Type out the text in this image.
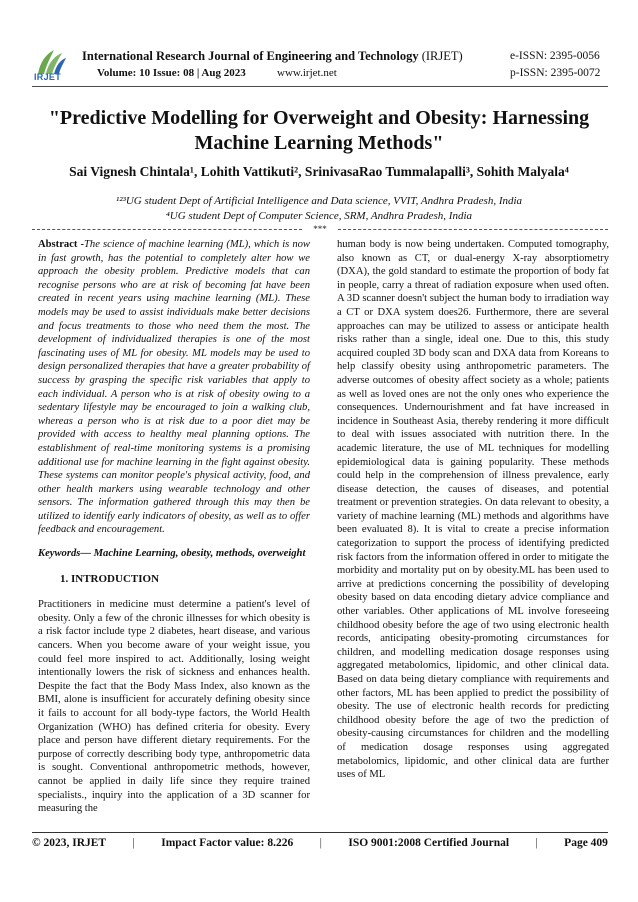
IRJET
International Research Journal of Engineering and Technology (IRJET)	e-ISSN: 2395-0056
Volume: 10 Issue: 08 | Aug 2023	www.irjet.net	p-ISSN: 2395-0072
"Predictive Modelling for Overweight and Obesity: Harnessing Machine Learning Methods"
Sai Vignesh Chintala¹, Lohith Vattikuti², SrinivasaRao Tummalapalli³, Sohith Malyala⁴
¹²³UG student Dept of Artificial Intelligence and Data science, VVIT, Andhra Pradesh, India
⁴UG student Dept of Computer Science, SRM, Andhra Pradesh, India
***

Abstract -The science of machine learning (ML), which is now in fast growth, has the potential to completely alter how we approach the obesity problem. Predictive models that can recognise persons who are at risk of becoming fat have been created in recent years using machine learning (ML). These models may be used to assist individuals make better decisions and focus treatments to those who need them the most. The development of individualized therapies is one of the most fascinating uses of ML for obesity. ML models may be used to design personalized therapies that have a greater probability of success by grasping the specific risk variables that apply to each individual. A person who is at risk of obesity owing to a sedentary lifestyle may be encouraged to join a walking club, whereas a person who is at risk due to a poor diet may be provided with access to healthy meal planning options. The establishment of real-time monitoring systems is a promising additional use for machine learning in the fight against obesity. These systems can monitor people's physical activity, food, and other health markers using wearable technology and other sensors. The information gathered through this may then be utilized to identify early indicators of obesity, as well as to offer feedback and encouragement.

Keywords— Machine Learning, obesity, methods, overweight

1. INTRODUCTION

Practitioners in medicine must determine a patient's level of obesity. Only a few of the chronic illnesses for which obesity is a risk factor include type 2 diabetes, heart disease, and various cancers. When you become aware of your weight issue, you could feel more inspired to act. Additionally, losing weight intentionally lowers the risk of sickness and enhances health. Despite the fact that the Body Mass Index, also known as the BMI, alone is insufficient for accurately defining obesity since it fails to account for all body-type factors, the World Health Organization (WHO) has defined criteria for obesity. Every place and person have different dietary requirements. For the purpose of correctly describing body type, anthropometric data is sought. Conventional anthropometric methods, however, cannot be applied in daily life since they require trained specialists., inquiry into the application of a 3D scanner for measuring the

human body is now being undertaken. Computed tomography, also known as CT, or dual-energy X-ray absorptiometry (DXA), the gold standard to estimate the proportion of body fat in people, carry a threat of radiation exposure when used often. A 3D scanner doesn't subject the human body to irradiation way a CT or DXA system does26. Furthermore, there are several approaches can may be utilized to assess or anticipate health risks rather than a single, ideal one. Due to this, this study acquired coupled 3D body scan and DXA data from Koreans to help classify obesity using anthropometric parameters. The adverse outcomes of obesity affect society as a whole; patients as well as loved ones are not the only ones who experience the consequences. Undernourishment and fat have increased in incidence in Southeast Asia, thereby rendering it more difficult to deal with issues associated with nutrition there. In the academic literature, the use of ML techniques for modelling epidemiological data is gaining popularity. These methods could help in the comprehension of illness prevalence, early disease detection, the causes of diseases, and potential treatment or prevention strategies. On data relevant to obesity, a variety of machine learning (ML) methods and algorithms have been evaluated 8). It is vital to create a precise information categorization to support the process of identifying predicted risk factors from the information offered in order to mitigate the morbidity and mortality put on by obesity.ML has been used to arrive at predictions concerning the possibility of developing obesity based on data encoding dietary advice compliance and other variables. Other applications of ML involve foreseeing childhood obesity before the age of two using electronic health records, anticipating obesity-promoting circumstances for children, and modelling medication dosage responses using aggregated metabolomics, lipidomic, and other clinical data. Based on data being dietary compliance with requirements and other factors, ML has been applied to predict the possibility of obesity. The use of electronic health records for predicting childhood obesity before the age of two the prediction of obesity-causing circumstances for children and the modelling of medication dosage responses using aggregated metabolomics, lipidomic, and other clinical data are further uses of ML

© 2023, IRJET | Impact Factor value: 8.226 | ISO 9001:2008 Certified Journal | Page 409
